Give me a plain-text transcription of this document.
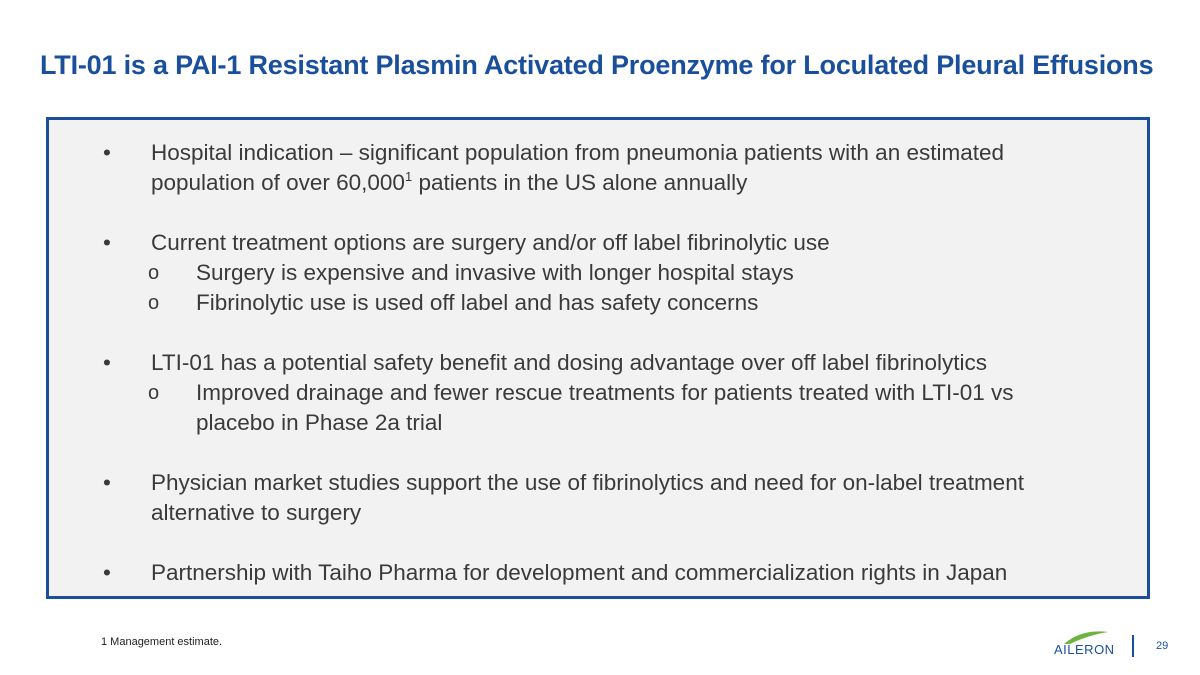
LTI-01 is a PAI-1 Resistant Plasmin Activated Proenzyme for Loculated Pleural Effusions
•	Hospital indication – significant population from pneumonia patients with an estimated population of over 60,000$^1$ patients in the US alone annually
•	Current treatment options are surgery and/or off label fibrinolytic use
o Surgery is expensive and invasive with longer hospital stays
o Fibrinolytic use is used off label and has safety concerns
•	LTI-01 has a potential safety benefit and dosing advantage over off label fibrinolytics
o Improved drainage and fewer rescue treatments for patients treated with LTI-01 vs placebo in Phase 2a trial
•	Physician market studies support the use of fibrinolytics and need for on-label treatment alternative to surgery
•	Partnership with Taiho Pharma for development and commercialization rights in Japan
1 Management estimate.	AILERON	29
